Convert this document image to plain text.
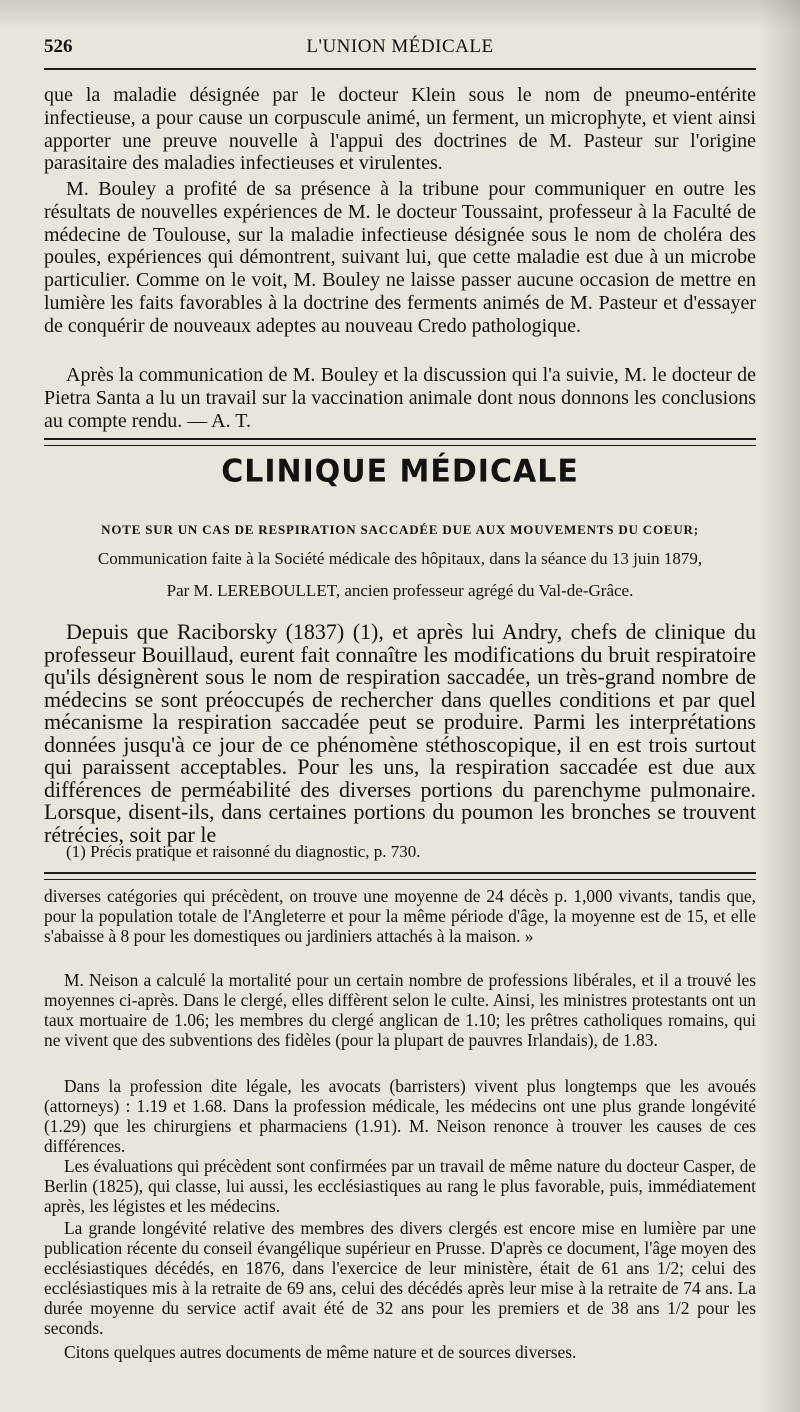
526	L'UNION MÉDICALE

que la maladie désignée par le docteur Klein sous le nom de pneumo-entérite infectieuse, a pour cause un corpuscule animé, un ferment, un microphyte, et vient ainsi apporter une preuve nouvelle à l'appui des doctrines de M. Pasteur sur l'origine parasitaire des maladies infectieuses et virulentes.

M. Bouley a profité de sa présence à la tribune pour communiquer en outre les résultats de nouvelles expériences de M. le docteur Toussaint, professeur à la Faculté de médecine de Toulouse, sur la maladie infectieuse désignée sous le nom de choléra des poules, expériences qui démontrent, suivant lui, que cette maladie est due à un microbe particulier. Comme on le voit, M. Bouley ne laisse passer aucune occasion de mettre en lumière les faits favorables à la doctrine des ferments animés de M. Pasteur et d'essayer de conquérir de nouveaux adeptes au nouveau Credo pathologique.

Après la communication de M. Bouley et la discussion qui l'a suivie, M. le docteur de Pietra Santa a lu un travail sur la vaccination animale dont nous donnons les conclusions au compte rendu. — A. T.

CLINIQUE MÉDICALE
NOTE SUR UN CAS DE RESPIRATION SACCADÉE DUE AUX MOUVEMENTS DU COEUR;
Communication faite à la Société médicale des hôpitaux, dans la séance du 13 juin 1879,
Par M. LEREBOULLET, ancien professeur agrégé du Val-de-Grâce.

Depuis que Raciborsky (1837) (1), et après lui Andry, chefs de clinique du professeur Bouillaud, eurent fait connaître les modifications du bruit respiratoire qu'ils désignèrent sous le nom de respiration saccadée, un très-grand nombre de médecins se sont préoccupés de rechercher dans quelles conditions et par quel mécanisme la respiration saccadée peut se produire. Parmi les interprétations données jusqu'à ce jour de ce phénomène stéthoscopique, il en est trois surtout qui paraissent acceptables. Pour les uns, la respiration saccadée est due aux différences de perméabilité des diverses portions du parenchyme pulmonaire. Lorsque, disent-ils, dans certaines portions du poumon les bronches se trouvent rétrécies, soit par le

(1) Précis pratique et raisonné du diagnostic, p. 730.

diverses catégories qui précèdent, on trouve une moyenne de 24 décès p. 1,000 vivants, tandis que, pour la population totale de l'Angleterre et pour la même période d'âge, la moyenne est de 15, et elle s'abaisse à 8 pour les domestiques ou jardiniers attachés à la maison. »

M. Neison a calculé la mortalité pour un certain nombre de professions libérales, et il a trouvé les moyennes ci-après. Dans le clergé, elles diffèrent selon le culte. Ainsi, les ministres protestants ont un taux mortuaire de 1.06; les membres du clergé anglican de 1.10; les prêtres catholiques romains, qui ne vivent que des subventions des fidèles (pour la plupart de pauvres Irlandais), de 1.83.

Dans la profession dite légale, les avocats (barristers) vivent plus longtemps que les avoués (attorneys) : 1.19 et 1.68. Dans la profession médicale, les médecins ont une plus grande longévité (1.29) que les chirurgiens et pharmaciens (1.91). M. Neison renonce à trouver les causes de ces différences.

Les évaluations qui précèdent sont confirmées par un travail de même nature du docteur Casper, de Berlin (1825), qui classe, lui aussi, les ecclésiastiques au rang le plus favorable, puis, immédiatement après, les légistes et les médecins.

La grande longévité relative des membres des divers clergés est encore mise en lumière par une publication récente du conseil évangélique supérieur en Prusse. D'après ce document, l'âge moyen des ecclésiastiques décédés, en 1876, dans l'exercice de leur ministère, était de 61 ans 1/2; celui des ecclésiastiques mis à la retraite de 69 ans, celui des décédés après leur mise à la retraite de 74 ans. La durée moyenne du service actif avait été de 32 ans pour les premiers et de 38 ans 1/2 pour les seconds.

Citons quelques autres documents de même nature et de sources diverses.
